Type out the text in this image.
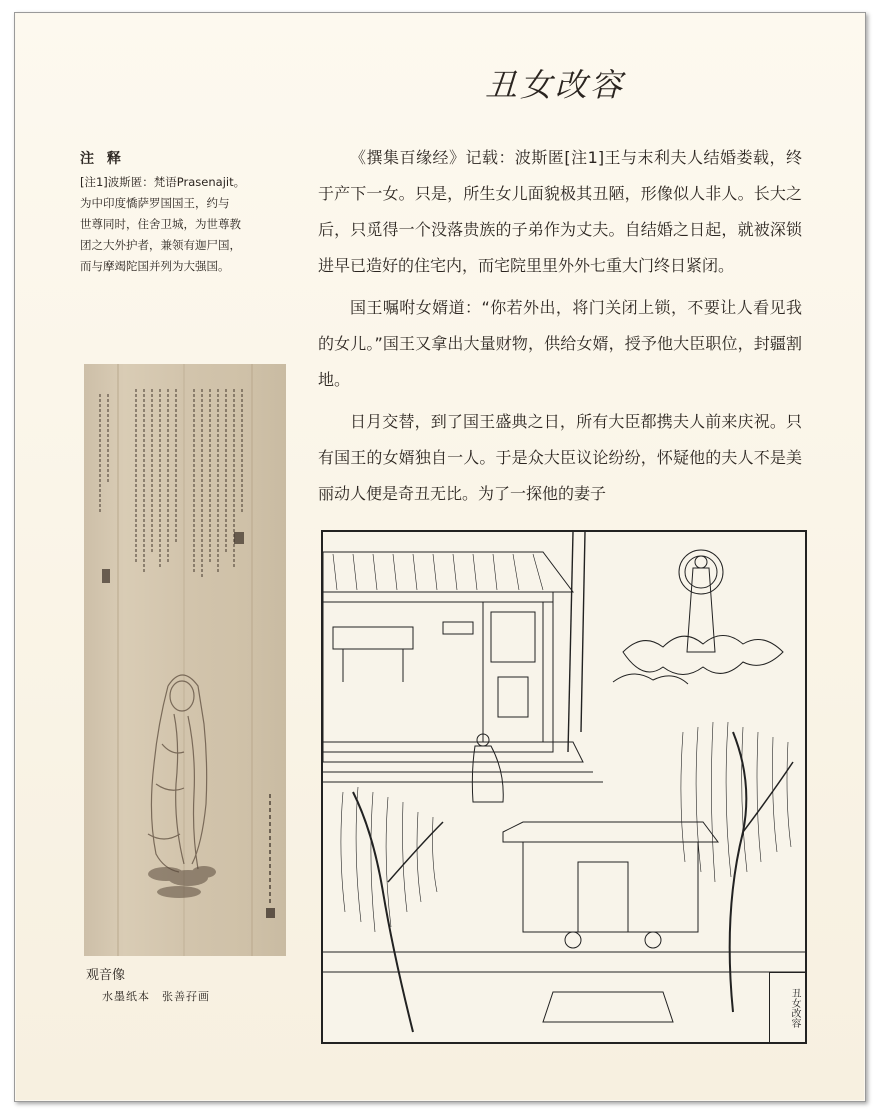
丑女改容
注 释
[注1]波斯匿：梵语Prasenajit。
为中印度憍萨罗国国王，约与
世尊同时，住舍卫城，为世尊教
团之大外护者，兼领有迦尸国，
而与摩竭陀国并列为大强国。

《撰集百缘经》记载：波斯匿[注1]王与末利夫人结婚娄载，终于产下一女。只是，所生女儿面貌极其丑陋，形像似人非人。长大之后，只觅得一个没落贵族的子弟作为丈夫。自结婚之日起，就被深锁进早已造好的住宅内，而宅院里里外外七重大门终日紧闭。

国王嘱咐女婿道：“你若外出，将门关闭上锁，不要让人看见我的女儿。”国王又拿出大量财物，供给女婿，授予他大臣职位，封疆割地。

日月交替，到了国王盛典之日，所有大臣都携夫人前来庆祝。只有国王的女婿独自一人。于是众大臣议论纷纷，怀疑他的夫人不是美丽动人便是奇丑无比。为了一探他的妻子

观音像
水墨纸本　张善孖画	丑女改容
